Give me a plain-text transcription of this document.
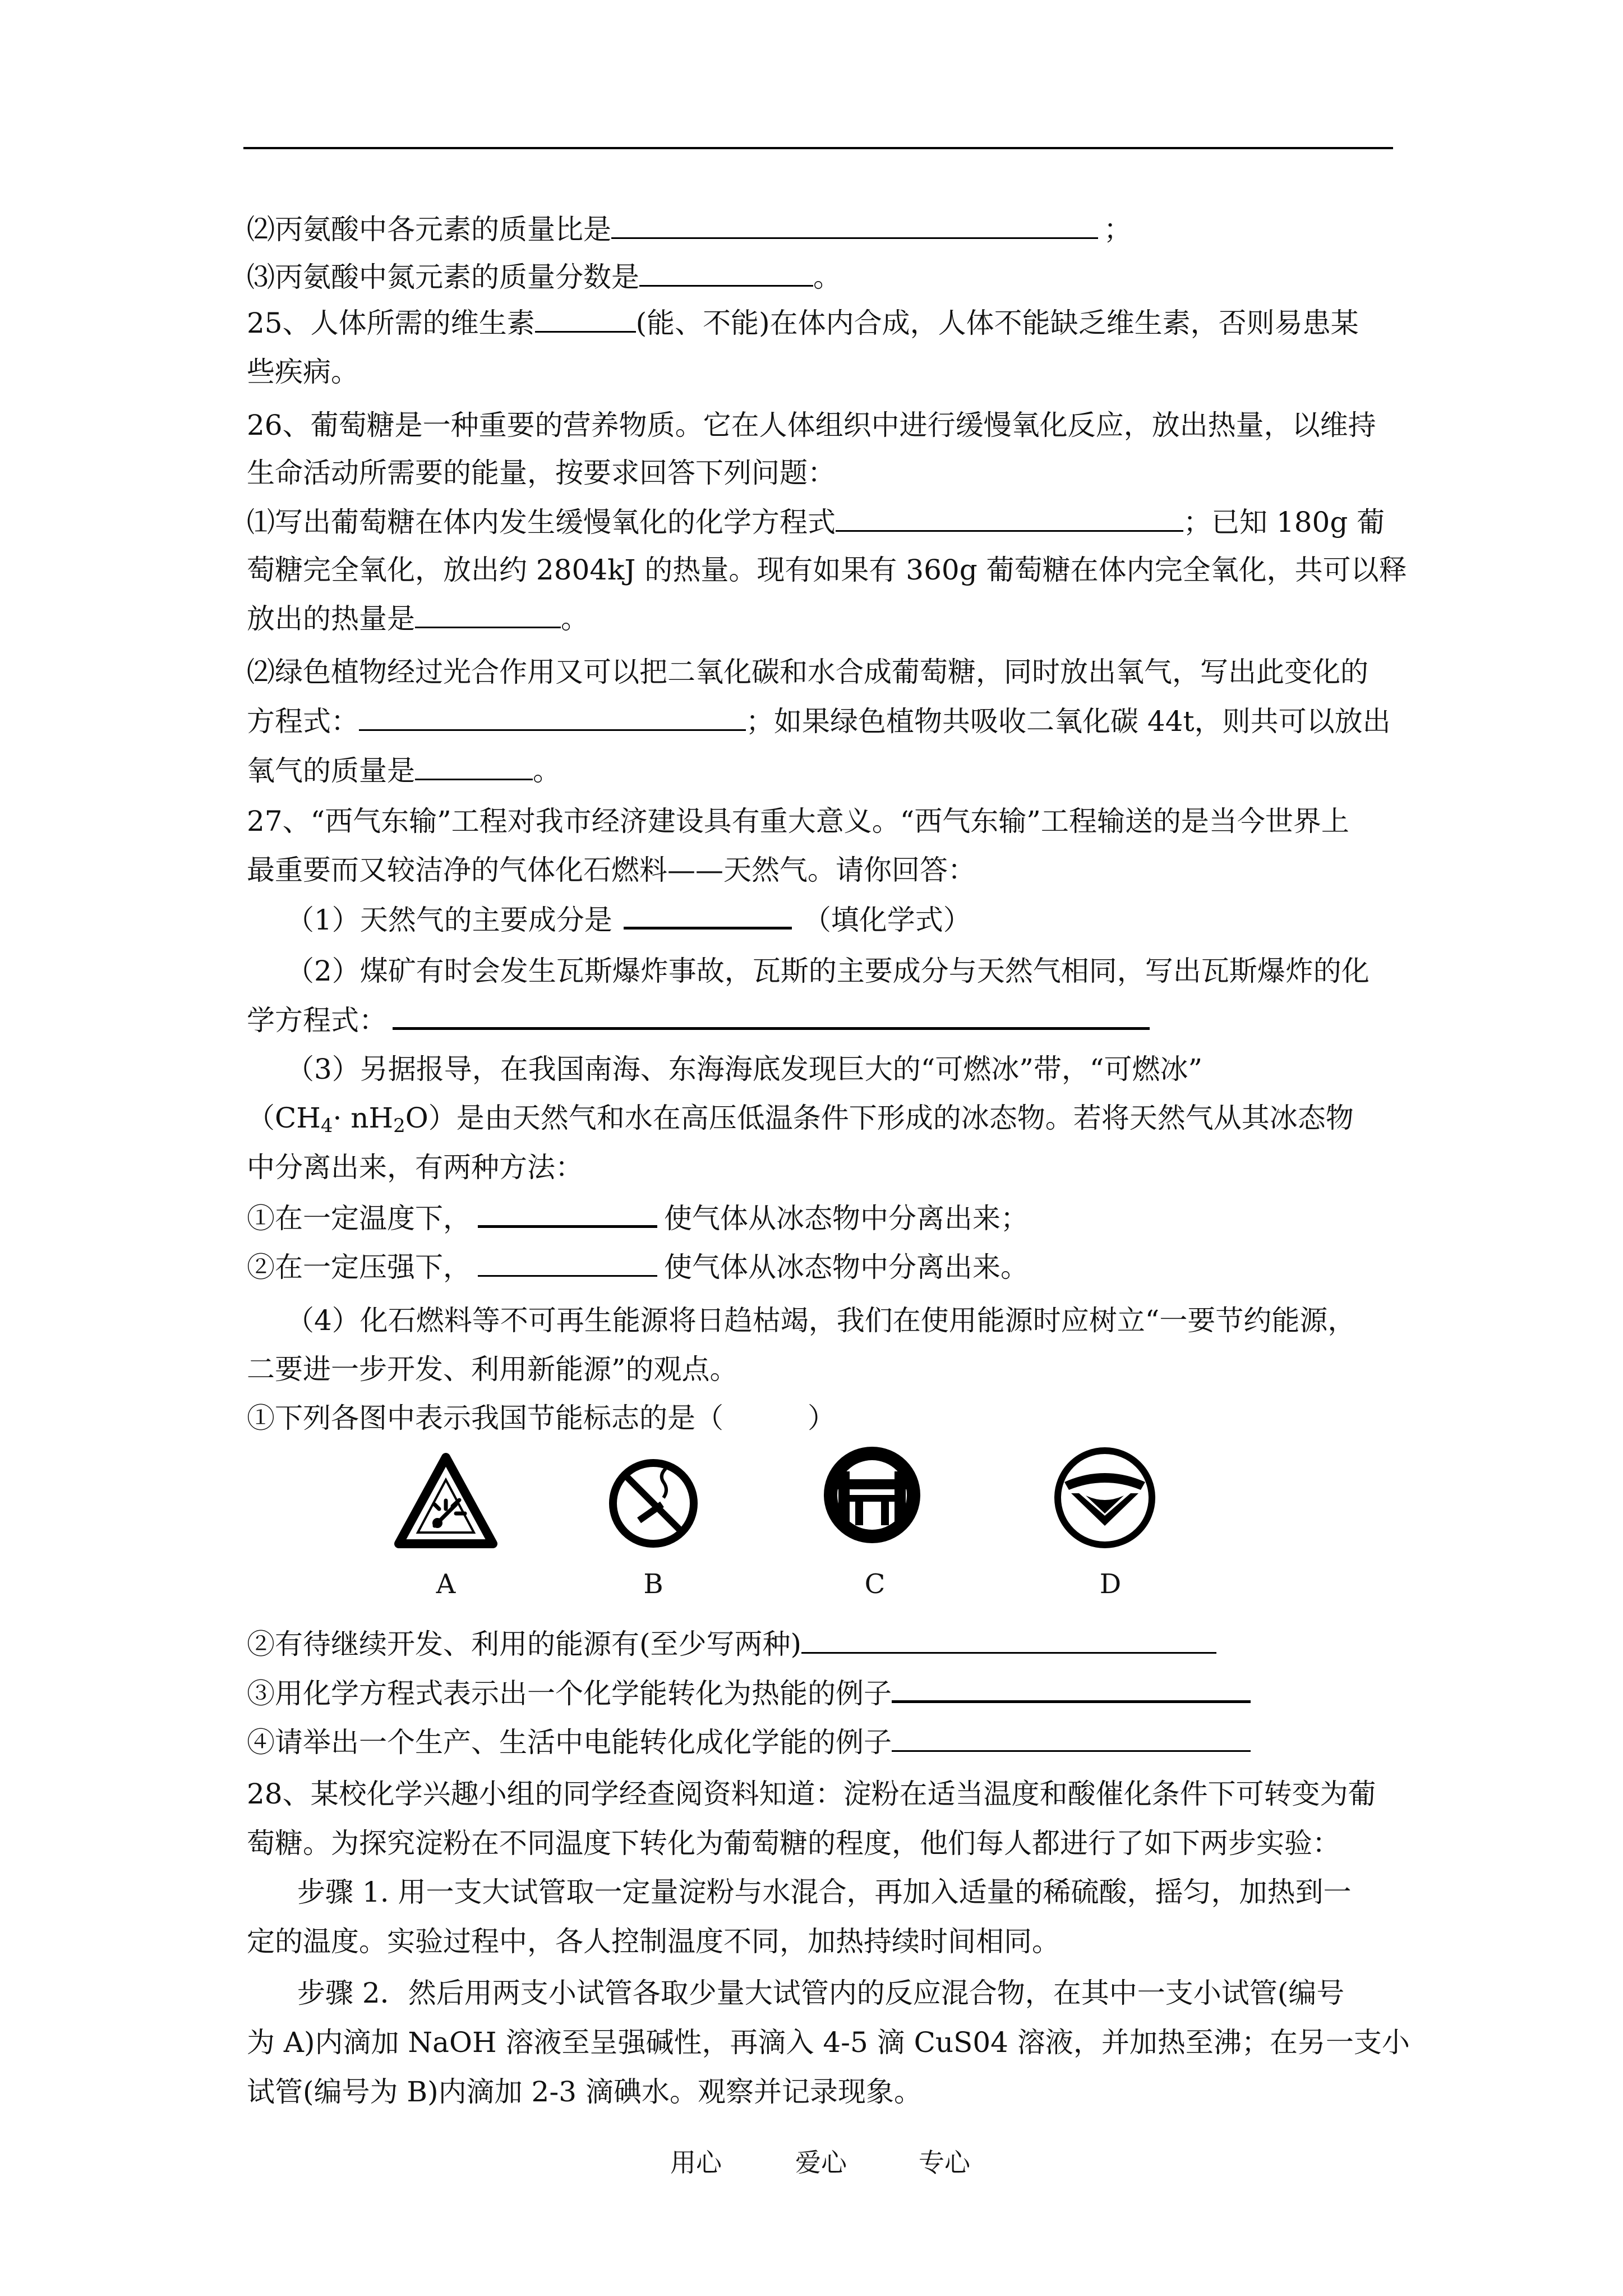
⑵丙氨酸中各元素的质量比是	；
⑶丙氨酸中氮元素的质量分数是	。
25、人体所需的维生素	(能、不能)在体内合成，人体不能缺乏维生素，否则易患某
些疾病。
26、葡萄糖是一种重要的营养物质。它在人体组织中进行缓慢氧化反应，放出热量，以维持
生命活动所需要的能量，按要求回答下列问题：
⑴写出葡萄糖在体内发生缓慢氧化的化学方程式	；已知 180g 葡
萄糖完全氧化，放出约 2804kJ 的热量。现有如果有 360g 葡萄糖在体内完全氧化，共可以释
放出的热量是	。
⑵绿色植物经过光合作用又可以把二氧化碳和水合成葡萄糖，同时放出氧气，写出此变化的
方程式：	；如果绿色植物共吸收二氧化碳 44t，则共可以放出
氧气的质量是	。
27、“西气东输”工程对我市经济建设具有重大意义。“西气东输”工程输送的是当今世界上
最重要而又较洁净的气体化石燃料——天然气。请你回答：
（1）天然气的主要成分是	（填化学式）
（2）煤矿有时会发生瓦斯爆炸事故，瓦斯的主要成分与天然气相同，写出瓦斯爆炸的化
学方程式：
（3）另据报导，在我国南海、东海海底发现巨大的“可燃冰”带，“可燃冰”
$(CH_4\cdot nH_2O)$是由天然气和水在高压低温条件下形成的冰态物。若将天然气从其冰态物
中分离出来，有两种方法：
①在一定温度下，	使气体从冰态物中分离出来；
②在一定压强下，	使气体从冰态物中分离出来。
（4）化石燃料等不可再生能源将日趋枯竭，我们在使用能源时应树立“一要节约能源，
二要进一步开发、利用新能源”的观点。
①下列各图中表示我国节能标志的是（　　　）
A	B	C	D
②有待继续开发、利用的能源有(至少写两种)
③用化学方程式表示出一个化学能转化为热能的例子
④请举出一个生产、生活中电能转化成化学能的例子
28、某校化学兴趣小组的同学经查阅资料知道：淀粉在适当温度和酸催化条件下可转变为葡
萄糖。为探究淀粉在不同温度下转化为葡萄糖的程度，他们每人都进行了如下两步实验：
步骤 1. 用一支大试管取一定量淀粉与水混合，再加入适量的稀硫酸，摇匀，加热到一
定的温度。实验过程中，各人控制温度不同，加热持续时间相同。
步骤 2．然后用两支小试管各取少量大试管内的反应混合物，在其中一支小试管(编号
为 A)内滴加 NaOH 溶液至呈强碱性，再滴入 4-5 滴 CuS04 溶液，并加热至沸；在另一支小
试管(编号为 B)内滴加 2-3 滴碘水。观察并记录现象。
用心	爱心	专心
